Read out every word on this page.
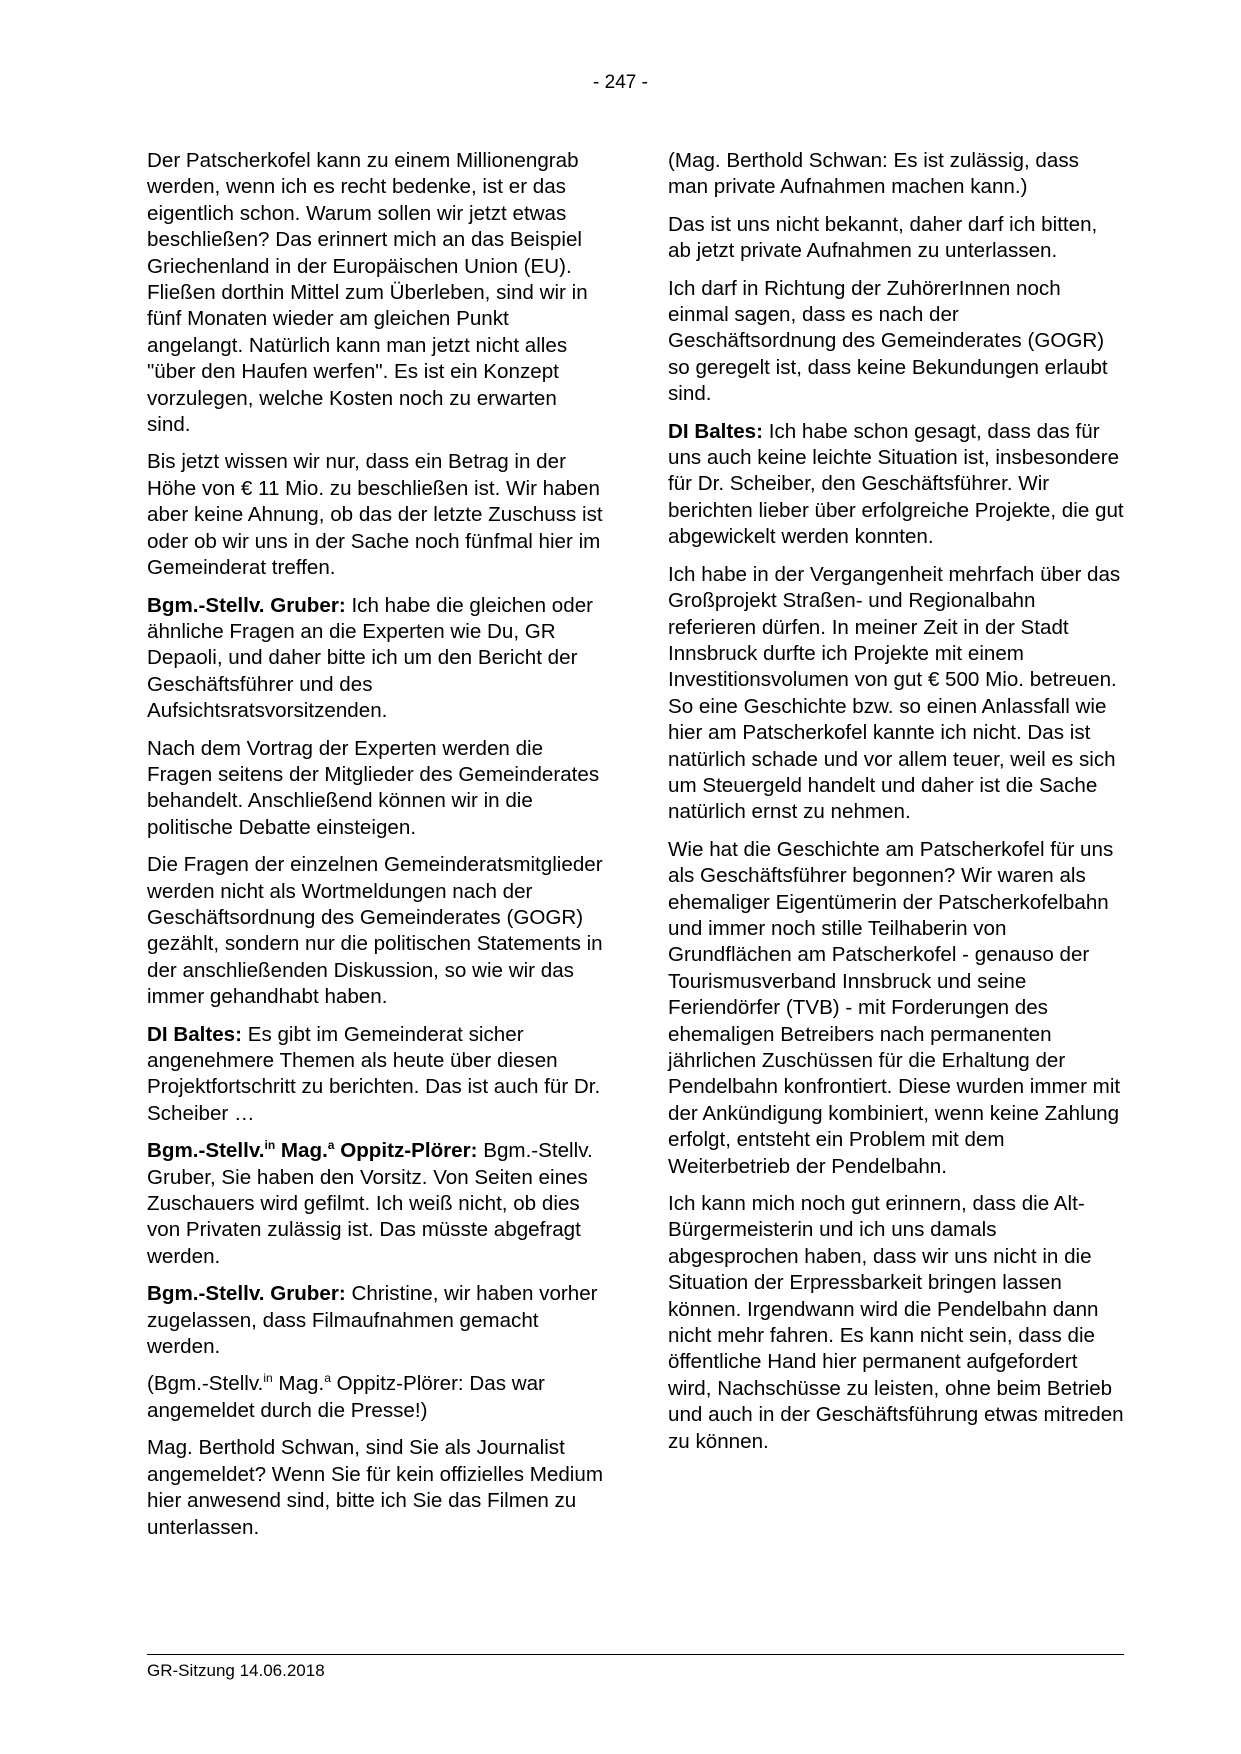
- 247 -

Der Patscherkofel kann zu einem Millionengrab werden, wenn ich es recht bedenke, ist er das eigentlich schon. Warum sollen wir jetzt etwas beschließen? Das erinnert mich an das Beispiel Griechenland in der Europäischen Union (EU). Fließen dorthin Mittel zum Überleben, sind wir in fünf Monaten wieder am gleichen Punkt angelangt. Natürlich kann man jetzt nicht alles "über den Haufen werfen". Es ist ein Konzept vorzulegen, welche Kosten noch zu erwarten sind.

Bis jetzt wissen wir nur, dass ein Betrag in der Höhe von € 11 Mio. zu beschließen ist. Wir haben aber keine Ahnung, ob das der letzte Zuschuss ist oder ob wir uns in der Sache noch fünfmal hier im Gemeinderat treffen.

Bgm.-Stellv. Gruber: Ich habe die gleichen oder ähnliche Fragen an die Experten wie Du, GR Depaoli, und daher bitte ich um den Bericht der Geschäftsführer und des Aufsichtsratsvorsitzenden.

Nach dem Vortrag der Experten werden die Fragen seitens der Mitglieder des Gemeinderates behandelt. Anschließend können wir in die politische Debatte einsteigen.

Die Fragen der einzelnen Gemeinderatsmitglieder werden nicht als Wortmeldungen nach der Geschäftsordnung des Gemeinderates (GOGR) gezählt, sondern nur die politischen Statements in der anschließenden Diskussion, so wie wir das immer gehandhabt haben.

DI Baltes: Es gibt im Gemeinderat sicher angenehmere Themen als heute über diesen Projektfortschritt zu berichten. Das ist auch für Dr. Scheiber …

Bgm.-Stellv.$^{in}$ Mag.$^a$ Oppitz-Plörer: Bgm.-Stellv. Gruber, Sie haben den Vorsitz. Von Seiten eines Zuschauers wird gefilmt. Ich weiß nicht, ob dies von Privaten zulässig ist. Das müsste abgefragt werden.

Bgm.-Stellv. Gruber: Christine, wir haben vorher zugelassen, dass Filmaufnahmen gemacht werden.

(Bgm.-Stellv.$^{in}$ Mag.$^a$ Oppitz-Plörer: Das war angemeldet durch die Presse!)

Mag. Berthold Schwan, sind Sie als Journalist angemeldet? Wenn Sie für kein offizielles Medium hier anwesend sind, bitte ich Sie das Filmen zu unterlassen.

(Mag. Berthold Schwan: Es ist zulässig, dass man private Aufnahmen machen kann.)

Das ist uns nicht bekannt, daher darf ich bitten, ab jetzt private Aufnahmen zu unterlassen.

Ich darf in Richtung der ZuhörerInnen noch einmal sagen, dass es nach der Geschäftsordnung des Gemeinderates (GOGR) so geregelt ist, dass keine Bekundungen erlaubt sind.

DI Baltes: Ich habe schon gesagt, dass das für uns auch keine leichte Situation ist, insbesondere für Dr. Scheiber, den Geschäftsführer. Wir berichten lieber über erfolgreiche Projekte, die gut abgewickelt werden konnten.

Ich habe in der Vergangenheit mehrfach über das Großprojekt Straßen- und Regionalbahn referieren dürfen. In meiner Zeit in der Stadt Innsbruck durfte ich Projekte mit einem Investitionsvolumen von gut € 500 Mio. betreuen. So eine Geschichte bzw. so einen Anlassfall wie hier am Patscherkofel kannte ich nicht. Das ist natürlich schade und vor allem teuer, weil es sich um Steuergeld handelt und daher ist die Sache natürlich ernst zu nehmen.

Wie hat die Geschichte am Patscherkofel für uns als Geschäftsführer begonnen? Wir waren als ehemaliger Eigentümerin der Patscherkofelbahn und immer noch stille Teilhaberin von Grundflächen am Patscherkofel - genauso der Tourismusverband Innsbruck und seine Feriendörfer (TVB) - mit Forderungen des ehemaligen Betreibers nach permanenten jährlichen Zuschüssen für die Erhaltung der Pendelbahn konfrontiert. Diese wurden immer mit der Ankündigung kombiniert, wenn keine Zahlung erfolgt, entsteht ein Problem mit dem Weiterbetrieb der Pendelbahn.

Ich kann mich noch gut erinnern, dass die Alt-Bürgermeisterin und ich uns damals abgesprochen haben, dass wir uns nicht in die Situation der Erpressbarkeit bringen lassen können. Irgendwann wird die Pendelbahn dann nicht mehr fahren. Es kann nicht sein, dass die öffentliche Hand hier permanent aufgefordert wird, Nachschüsse zu leisten, ohne beim Betrieb und auch in der Geschäftsführung etwas mitreden zu können.

GR-Sitzung 14.06.2018
